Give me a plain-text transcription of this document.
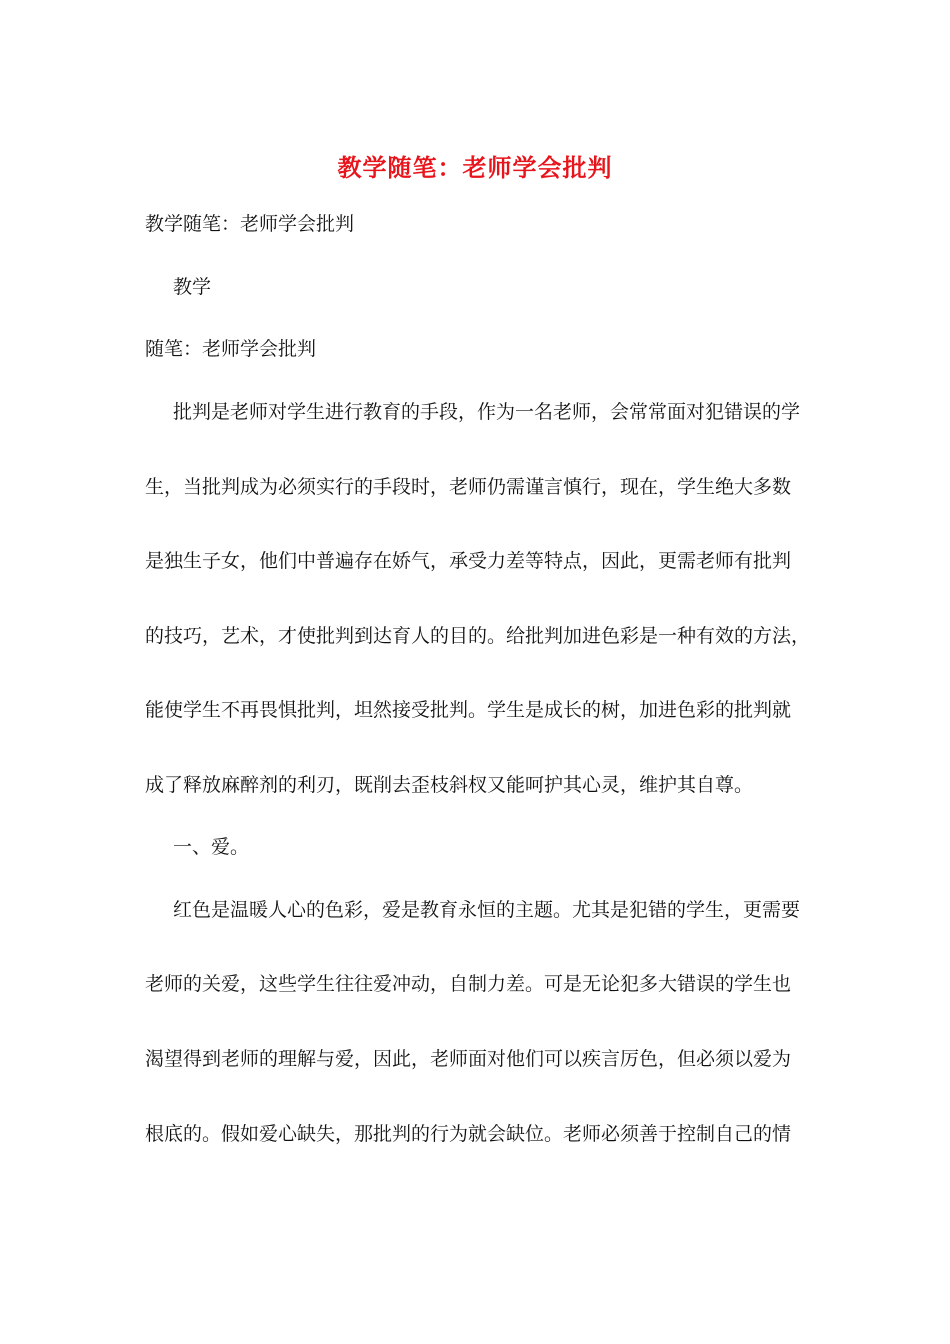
教学随笔：老师学会批判
教学随笔：老师学会批判
教学
随笔：老师学会批判
批判是老师对学生进行教育的手段，作为一名老师，会常常面对犯错误的学
生，当批判成为必须实行的手段时，老师仍需谨言慎行，现在，学生绝大多数
是独生子女，他们中普遍存在娇气，承受力差等特点，因此，更需老师有批判
的技巧，艺术，才使批判到达育人的目的。给批判加进色彩是一种有效的方法，
能使学生不再畏惧批判，坦然接受批判。学生是成长的树，加进色彩的批判就
成了释放麻醉剂的利刃，既削去歪枝斜杈又能呵护其心灵，维护其自尊。
一、爱。
红色是温暖人心的色彩，爱是教育永恒的主题。尤其是犯错的学生，更需要
老师的关爱，这些学生往往爱冲动，自制力差。可是无论犯多大错误的学生也
渴望得到老师的理解与爱，因此，老师面对他们可以疾言厉色，但必须以爱为
根底的。假如爱心缺失，那批判的行为就会缺位。老师必须善于控制自己的情
